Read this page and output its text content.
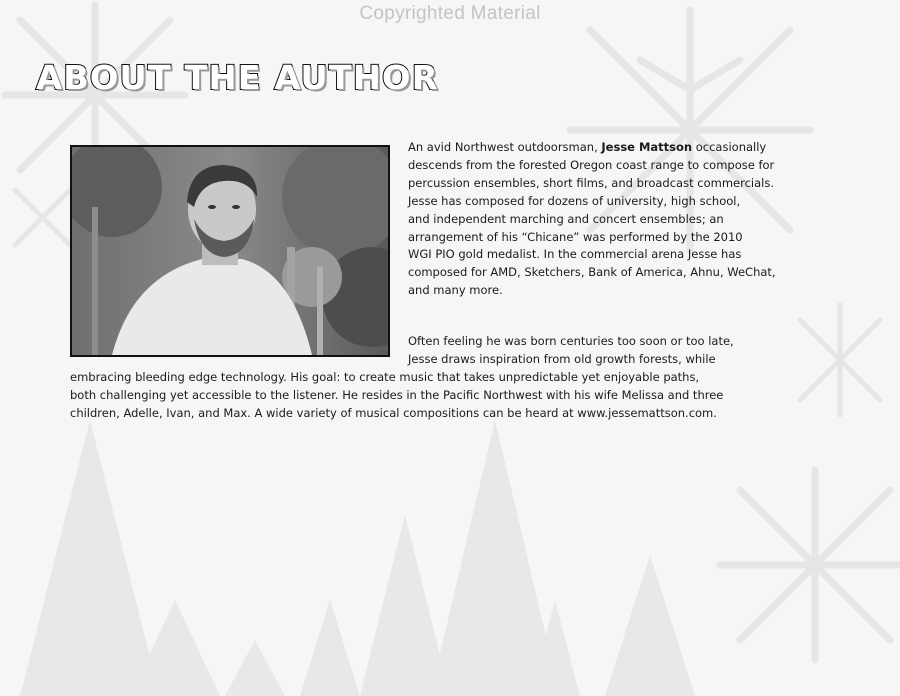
Copyrighted Material
ABOUT THE AUTHOR
An avid Northwest outdoorsman, Jesse Mattson occasionally
descends from the forested Oregon coast range to compose for
percussion ensembles, short films, and broadcast commercials.
Jesse has composed for dozens of university, high school,
and independent marching and concert ensembles; an
arrangement of his “Chicane” was performed by the 2010
WGI PIO gold medalist. In the commercial arena Jesse has
composed for AMD, Sketchers, Bank of America, Ahnu, WeChat,
and many more.
Often feeling he was born centuries too soon or too late,
Jesse draws inspiration from old growth forests, while
embracing bleeding edge technology. His goal: to create music that takes unpredictable yet enjoyable paths,
both challenging yet accessible to the listener. He resides in the Pacific Northwest with his wife Melissa and three
children, Adelle, Ivan, and Max. A wide variety of musical compositions can be heard at www.jessemattson.com.
